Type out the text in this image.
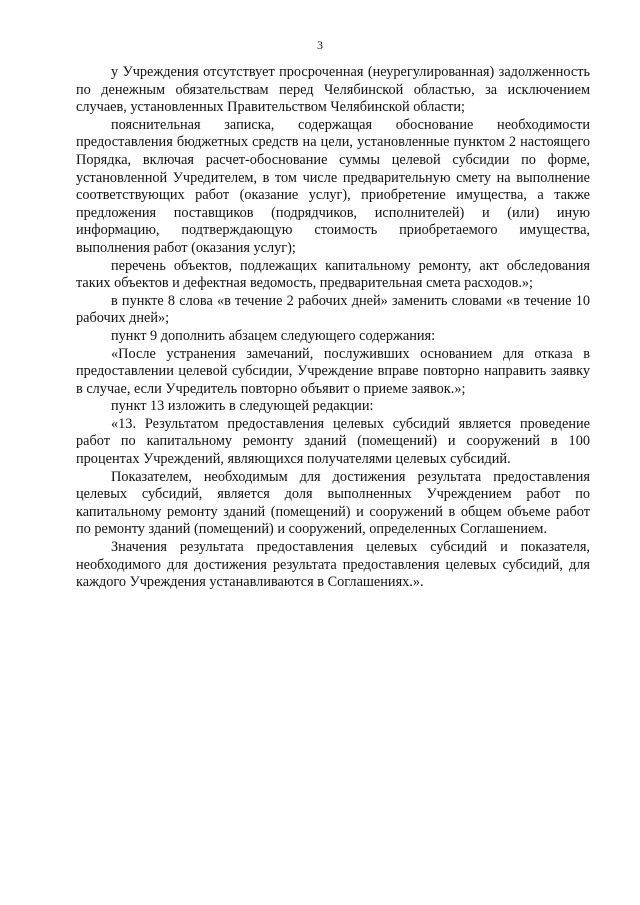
3

у Учреждения отсутствует просроченная (неурегулированная) задолженность по денежным обязательствам перед Челябинской областью, за исключением случаев, установленных Правительством Челябинской области;

пояснительная записка, содержащая обоснование необходимости предоставления бюджетных средств на цели, установленные пунктом 2 настоящего Порядка, включая расчет-обоснование суммы целевой субсидии по форме, установленной Учредителем, в том числе предварительную смету на выполнение соответствующих работ (оказание услуг), приобретение имущества, а также предложения поставщиков (подрядчиков, исполнителей) и (или) иную информацию, подтверждающую стоимость приобретаемого имущества, выполнения работ (оказания услуг);

перечень объектов, подлежащих капитальному ремонту, акт обследования таких объектов и дефектная ведомость, предварительная смета расходов.»;

в пункте 8 слова «в течение 2 рабочих дней» заменить словами «в течение 10 рабочих дней»;

пункт 9 дополнить абзацем следующего содержания:

«После устранения замечаний, послуживших основанием для отказа в предоставлении целевой субсидии, Учреждение вправе повторно направить заявку в случае, если Учредитель повторно объявит о приеме заявок.»;

пункт 13 изложить в следующей редакции:

«13. Результатом предоставления целевых субсидий является проведение работ по капитальному ремонту зданий (помещений) и сооружений в 100 процентах Учреждений, являющихся получателями целевых субсидий.

Показателем, необходимым для достижения результата предоставления целевых субсидий, является доля выполненных Учреждением работ по капитальному ремонту зданий (помещений) и сооружений в общем объеме работ по ремонту зданий (помещений) и сооружений, определенных Соглашением.

Значения результата предоставления целевых субсидий и показателя, необходимого для достижения результата предоставления целевых субсидий, для каждого Учреждения устанавливаются в Соглашениях.».
